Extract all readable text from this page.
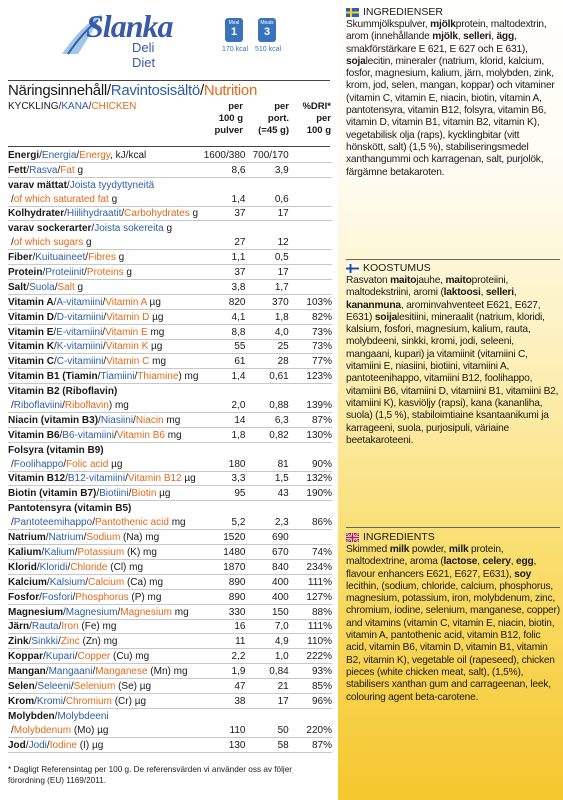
Slanka
Deli Diet
Meal
1
170 kcal
Meals
3
510 kcal
Näringsinnehåll/Ravintosisältö/Nutrition
KYCKLING/KANA/CHICKEN	per
100 g
pulver
per
port.
(=45 g)
%DRI*
per
100 g
Energi/Energia/Energy, kJ/kcal	1600/380	700/170	
Fett/Rasva/Fat g	8,6	3,9	
varav mättat/Joista tyydyttyneitä			
/of which saturated fat g	1,4	0,6	
Kolhydrater/Hiilihydraatit/Carbohydrates g	37	17	
varav sockerarter/Joista sokereita g			
/of which sugars g	27	12	
Fiber/Kuituaineet/Fibres g	1,1	0,5	
Protein/Proteiinit/Proteins g	37	17	
Salt/Suola/Salt g	3,8	1,7	
Vitamin A/A-vitamiini/Vitamin A µg	820	370	103%
Vitamin D/D-vitamiini/Vitamin D µg	4,1	1,8	82%
Vitamin E/E-vitamiini/Vitamin E mg	8,8	4,0	73%
Vitamin K/K-vitamiini/Vitamin K µg	55	25	73%
Vitamin C/C-vitamiini/Vitamin C mg	61	28	77%
Vitamin B1 (Tiamin/Tiamiini/Thiamine) mg	1,4	0,61	123%
Vitamin B2 (Riboflavin)			
/Riboflaviini/Riboflavin) mg	2,0	0,88	139%
Niacin (vitamin B3)/Niasiini/Niacin mg	14	6,3	87%
Vitamin B6/B6-vitamiini/Vitamin B6 mg	1,8	0,82	130%
Folsyra (vitamin B9)			
/Foolihappo/Folic acid µg	180	81	90%
Vitamin B12/B12-vitamiini/Vitamin B12 µg	3,3	1,5	132%
Biotin (vitamin B7)/Biotiini/Biotin µg	95	43	190%
Pantotensyra (vitamin B5)			
/Pantoteemihappo/Pantothenic acid mg	5,2	2,3	86%
Natrium/Natrium/Sodium (Na) mg	1520	690	
Kalium/Kalium/Potassium (K) mg	1480	670	74%
Klorid/Kloridi/Chloride (Cl) mg	1870	840	234%
Kalcium/Kalsium/Calcium (Ca) mg	890	400	111%
Fosfor/Fosfori/Phosphorus (P) mg	890	400	127%
Magnesium/Magnesium/Magnesium mg	330	150	88%
Järn/Rauta/Iron (Fe) mg	16	7,0	111%
Zink/Sinkki/Zinc (Zn) mg	11	4,9	110%
Koppar/Kupari/Copper (Cu) mg	2,2	1,0	222%
Mangan/Mangaani/Manganese (Mn) mg	1,9	0,84	93%
Selen/Seleeni/Selenium (Se) µg	47	21	85%
Krom/Kromi/Chromium (Cr) µg	38	17	96%
Molybden/Molybdeeni			
/Molybdenum (Mo) µg	110	50	220%
Jod/Jodi/Iodine (I) µg	130	58	87%
* Dagligt Referensintag per 100 g. De referensvärden vi använder oss av följer förordning (EU) 1169/2011.
INGREDIENSER
Skummjölkspulver, mjölkprotein, maltodextrin, arom (innehållande mjölk, selleri, ägg, smakförstärkare E 621, E 627 och E 631), sojalecitin, mineraler (natrium, klorid, kalcium, fosfor, magnesium, kalium, järn, molybden, zink, krom, jod, selen, mangan, koppar) och vitaminer (vitamin C, vitamin E, niacin, biotin, vitamin A, pantotensyra, vitamin B12, folsyra, vitamin B6, vitamin D, vitamin B1, vitamin B2, vitamin K), vegetabilisk olja (raps), kycklingbitar (vitt hönskött, salt) (1,5 %), stabiliseringsmedel xanthangummi och karragenan, salt, purjolök, färgämne betakaroten.
KOOSTUMUS
Rasvaton maitojauhe, maitoproteiini, maltodekstriini, aromi (laktoosi, selleri, kananmuna, arominvahventeet E621, E627, E631) soijalesitiini, mineraalit (natrium, kloridi, kalsium, fosfori, magnesium, kalium, rauta, molybdeeni, sinkki, kromi, jodi, seleeni, mangaani, kupari) ja vitamiinit (vitamiini C, vitamiini E, niasiini, biotiini, vitamiini A, pantoteenihappo, vitamiini B12, foolihappo, vitamiini B6, vitamiini D, vitamiini B1, vitamiini B2, vitamiini K), kasviöljy (rapsi), kana (kananliha, suola) (1,5 %), stabiloimtiaine ksantaanikumi ja karrageeni, suola, purjosipuli, väriaine beetakaroteeni.
INGREDIENTS
Skimmed milk powder, milk protein, maltodextrine, aroma (lactose, celery, egg, flavour enhancers E621, E627, E631), soy lecithin, (sodium, chloride, calcium, phosphorus, magnesium, potassium, iron, molybdenum, zinc, chromium, iodine, selenium, manganese, copper) and vitamins (vitamin C, vitamin E, niacin, biotin, vitamin A, pantothenic acid, vitamin B12, folic acid, vitamin B6, vitamin D, vitamin B1, vitamin B2, vitamin K), vegetable oil (rapeseed), chicken pieces (white chicken meat, salt), (1,5%), stabilisers xanthan gum and carrageenan, leek, colouring agent beta-carotene.
